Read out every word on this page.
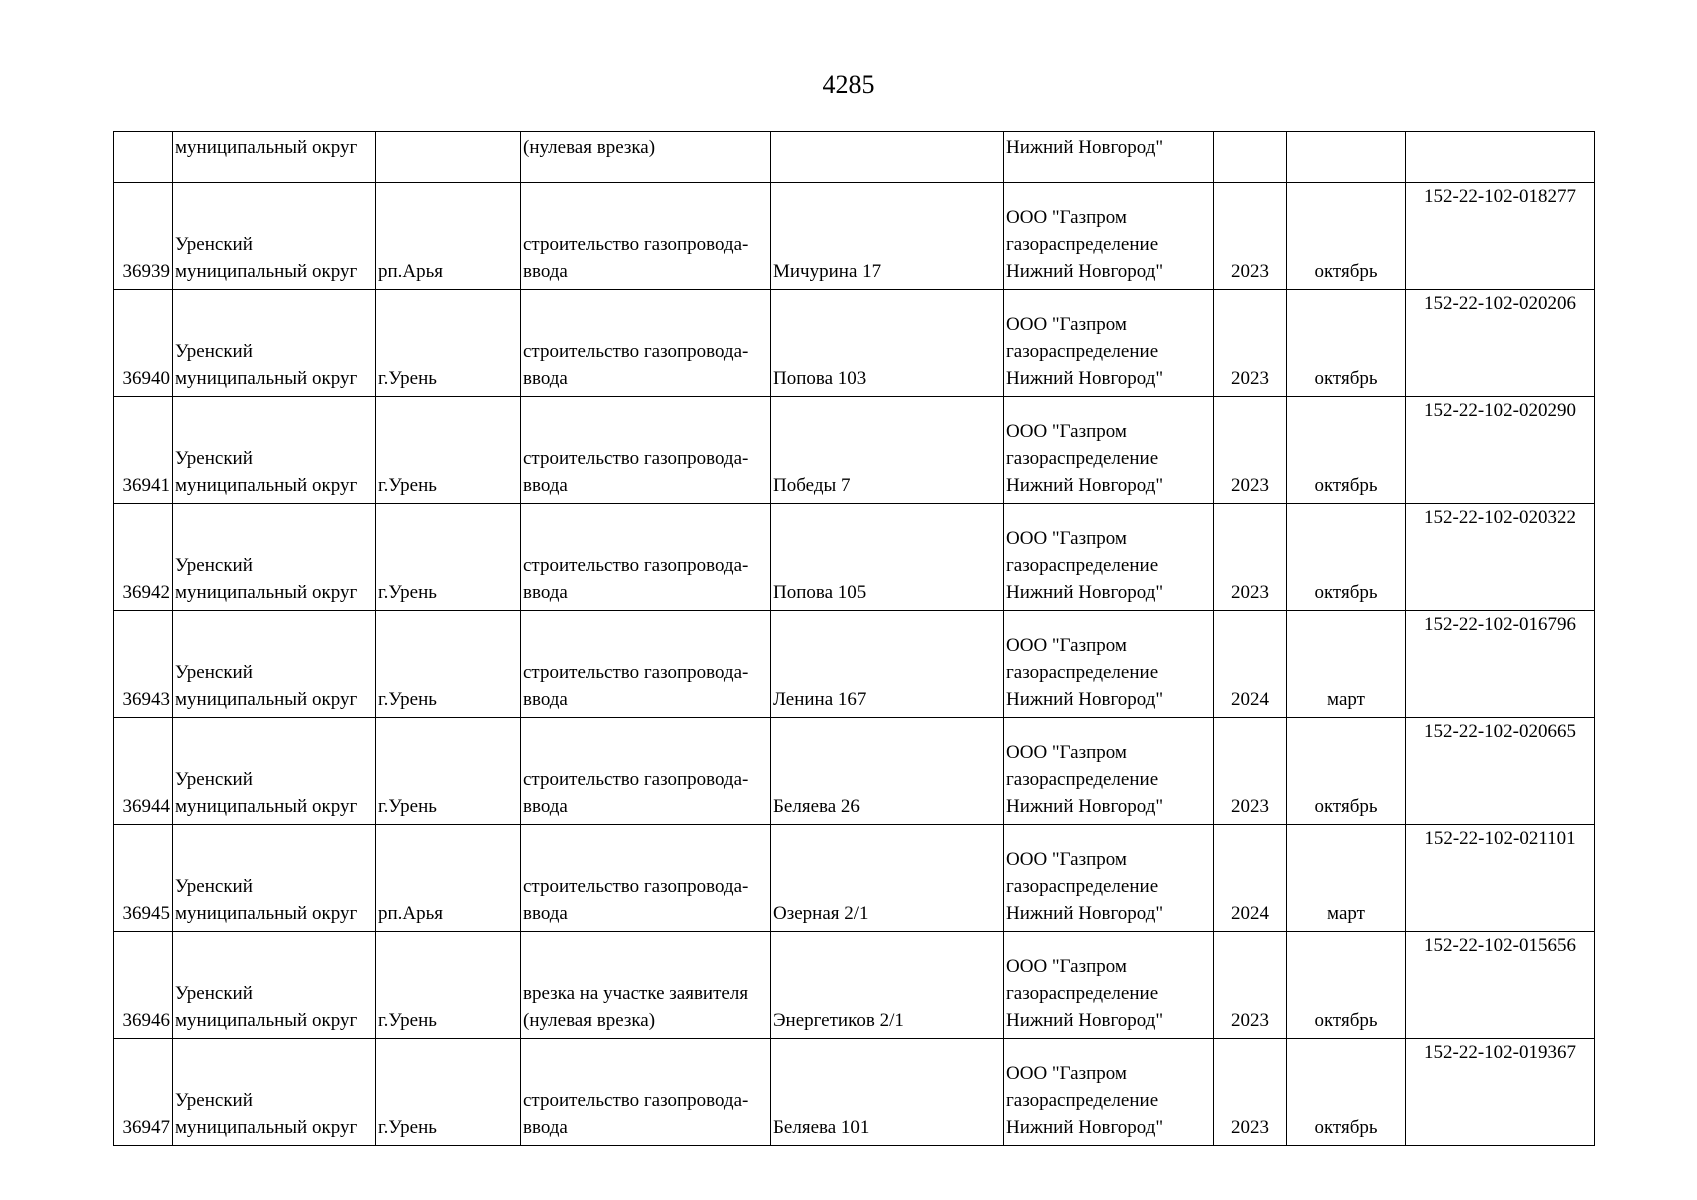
4285
	муниципальный округ		(нулевая врезка)		Нижний Новгород"			
36939	Уренский
муниципальный округ	рп.Арья	строительство газопровода-
ввода	Мичурина 17	ООО "Газпром
газораспределение
Нижний Новгород"	2023	октябрь	152-22-102-018277
36940	Уренский
муниципальный округ	г.Урень	строительство газопровода-
ввода	Попова 103	ООО "Газпром
газораспределение
Нижний Новгород"	2023	октябрь	152-22-102-020206
36941	Уренский
муниципальный округ	г.Урень	строительство газопровода-
ввода	Победы 7	ООО "Газпром
газораспределение
Нижний Новгород"	2023	октябрь	152-22-102-020290
36942	Уренский
муниципальный округ	г.Урень	строительство газопровода-
ввода	Попова 105	ООО "Газпром
газораспределение
Нижний Новгород"	2023	октябрь	152-22-102-020322
36943	Уренский
муниципальный округ	г.Урень	строительство газопровода-
ввода	Ленина 167	ООО "Газпром
газораспределение
Нижний Новгород"	2024	март	152-22-102-016796
36944	Уренский
муниципальный округ	г.Урень	строительство газопровода-
ввода	Беляева 26	ООО "Газпром
газораспределение
Нижний Новгород"	2023	октябрь	152-22-102-020665
36945	Уренский
муниципальный округ	рп.Арья	строительство газопровода-
ввода	Озерная 2/1	ООО "Газпром
газораспределение
Нижний Новгород"	2024	март	152-22-102-021101
36946	Уренский
муниципальный округ	г.Урень	врезка на участке заявителя
(нулевая врезка)	Энергетиков 2/1	ООО "Газпром
газораспределение
Нижний Новгород"	2023	октябрь	152-22-102-015656
36947	Уренский
муниципальный округ	г.Урень	строительство газопровода-
ввода	Беляева 101	ООО "Газпром
газораспределение
Нижний Новгород"	2023	октябрь	152-22-102-019367
